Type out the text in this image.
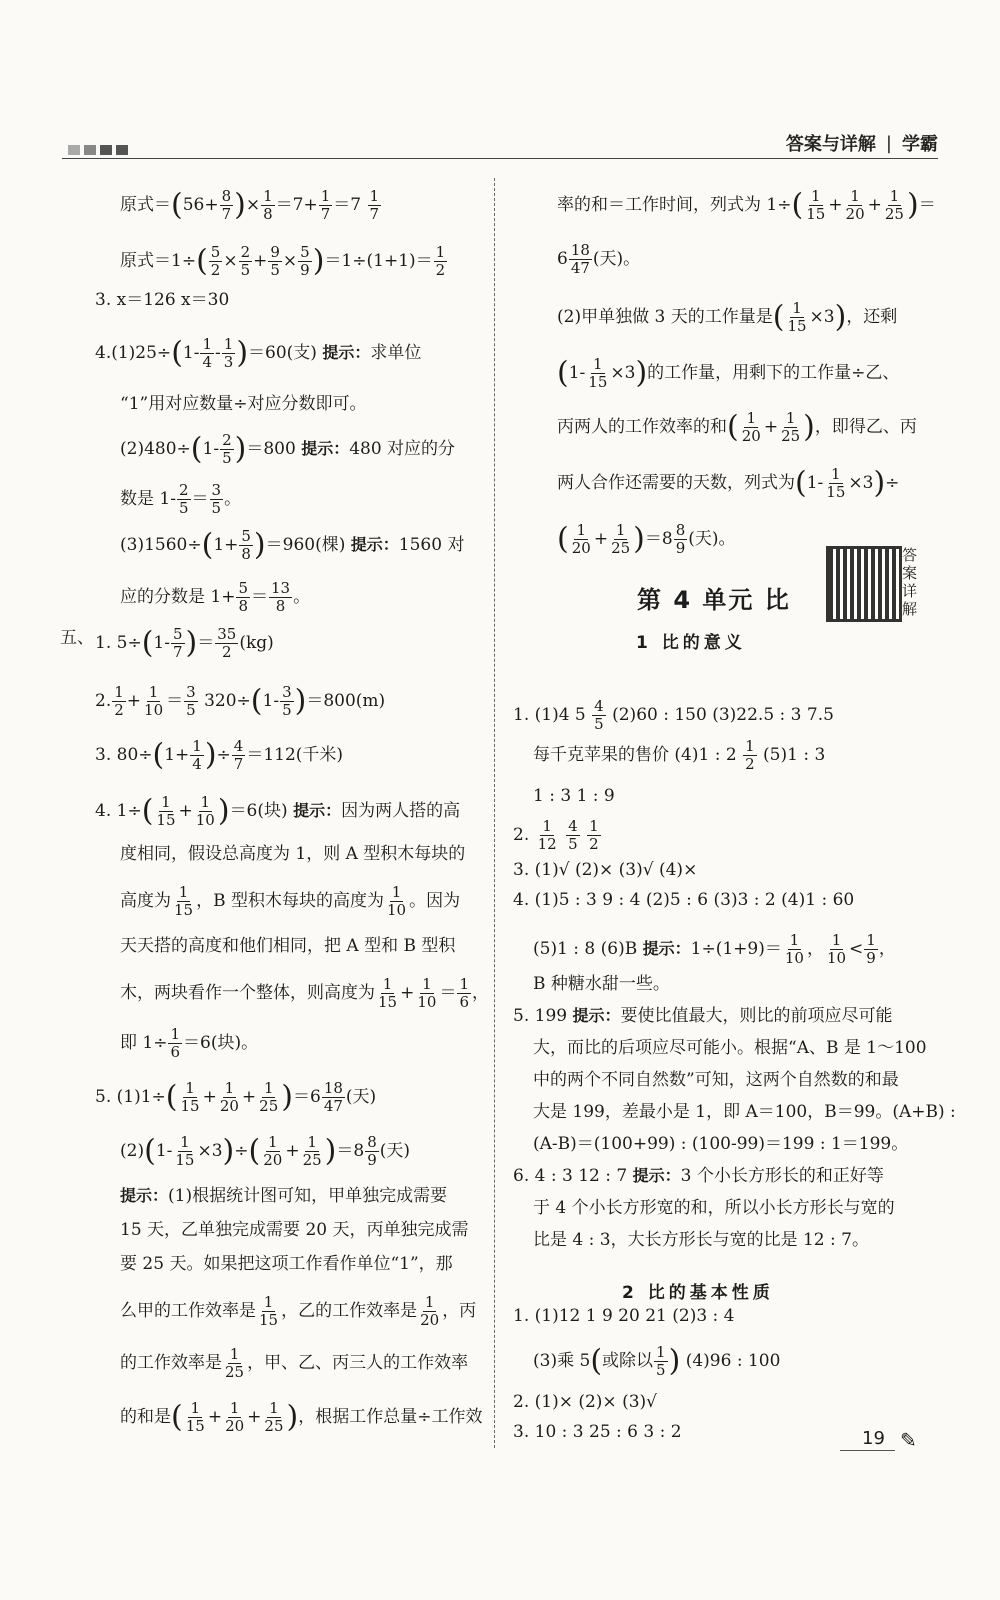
答案与详解 | 学霸
原式$=(56+ \frac{8}{7}$ )× $\frac{1}{8} =7+ \frac{1}{7} =7 \frac{1}{7}$
原式$=1\div( \frac{5}{2} \times \frac{2}{5} + \frac{9}{5} \times \frac{5}{9} )=1\div(1+1)= \frac{1}{2}$
3. x＝126 x＝30
$4.(1)25\div(1- \frac{1}{4} - \frac{1}{3} )=60$(支) 提示：求单位
“1”用对应数量÷对应分数即可。
$(2)480\div(1- \frac{2}{5} )=800$ 提示：480 对应的分
数是 $1- \frac{2}{5} = \frac{3}{5}$ 。
$(3)1560\div(1+ \frac{5}{8} )=960$(棵) 提示：1560 对
应的分数是 $1+ \frac{5}{8} = \frac{13}{8}$ 。
五、 1. $5\div(1- \frac{5}{7}$ )＝ $\frac{35}{2} (kg)$
2. $\frac{1}{2} + \frac{1}{10} = \frac{3}{5} 320\div(1- \frac{3}{5} )=800(m)$
3. $80\div(1+ \frac{1}{4}$ )÷ $\frac{4}{7} =112$(千米)
4. $1\div( \frac{1}{15} + \frac{1}{10} )=6$(块) 提示：因为两人搭的高
度相同，假设总高度为 1，则 A 型积木每块的
高度为 $\frac{1}{15}$ ，B 型积木每块的高度为 $\frac{1}{10}$ 。因为
天天搭的高度和他们相同，把 A 型和 B 型积
木，两块看作一个整体，则高度为 $\frac{1}{15} + \frac{1}{10} = \frac{1}{6}$ ，
即 $1\div \frac{1}{6} =6$(块)。
5. $(1)1\div( \frac{1}{15} + \frac{1}{20} + \frac{1}{25} )=6 \frac{18}{47}$ (天)
$(2)(1- \frac{1}{15} \times 3)\div( \frac{1}{20} + \frac{1}{25} )=8 \frac{8}{9}$ (天)
提示：(1)根据统计图可知，甲单独完成需要
15 天，乙单独完成需要 20 天，丙单独完成需
要 25 天。如果把这项工作看作单位“1”，那
么甲的工作效率是 $\frac{1}{15}$ ，乙的工作效率是 $\frac{1}{20}$ ，丙
的工作效率是 $\frac{1}{25}$ ，甲、乙、丙三人的工作效率
的和是( $\frac{1}{15} + \frac{1}{20} + \frac{1}{25}$ )，根据工作总量÷工作效
率的和＝工作时间，列式为 $1\div( \frac{1}{15} + \frac{1}{20} + \frac{1}{25}$ )＝
$6 \frac{18}{47}$ (天)。
(2)甲单独做 3 天的工作量是( $\frac{1}{15} \times 3$)，还剩
$(1- \frac{1}{15} \times 3)$的工作量，用剩下的工作量÷乙、
丙两人的工作效率的和( $\frac{1}{20} + \frac{1}{25}$ )，即得乙、丙
两人合作还需要的天数，列式为$(1- \frac{1}{15} \times 3)\div$
( $\frac{1}{20} + \frac{1}{25} )=8 \frac{8}{9}$ (天)。
1. (1)4 $5 \frac{4}{5} (2)60$ : 150 (3)22.5 : 3 7.5
每千克苹果的售价 (4)1 : $2 \frac{1}{2} (5)1$ : 3
1 : 3 1 : 9
2. $\frac{1}{12}$
$\frac{4}{5}$
$\frac{1}{2}$
3. (1)√ (2)× (3)√ (4)×
4. (1)5 : 3 9 : 4 (2)5 : 6 (3)3 : 2 (4)1 : 60
(5)1 : 8 (6)B 提示：$1\div(1+9)= \frac{1}{10}$ ， $\frac{1}{10} < \frac{1}{9}$ ，
B 种糖水甜一些。
5. 199 提示：要使比值最大，则比的前项应尽可能
大，而比的后项应尽可能小。根据“A、B 是 1～100
中的两个不同自然数”可知，这两个自然数的和最
大是 199，差最小是 1，即 A＝100，B＝99。(A+B) :
(A-B)＝(100+99) : (100-99)＝199 : 1＝199。
6. 4 : 3 12 : 7 提示：3 个小长方形长的和正好等
于 4 个小长方形宽的和，所以小长方形长与宽的
比是 4 : 3，大长方形长与宽的比是 12 : 7。
1. (1)12 1 9 20 21 (2)3 : 4
(3)乘 5(或除以 $\frac{1}{5}$ ) (4)96 : 100
2. (1)× (2)× (3)√
3. 10 : 3 25 : 6 3 : 2
第 4 单元 比
答案详解
1 比的意义
2 比的基本性质
19 ✎
